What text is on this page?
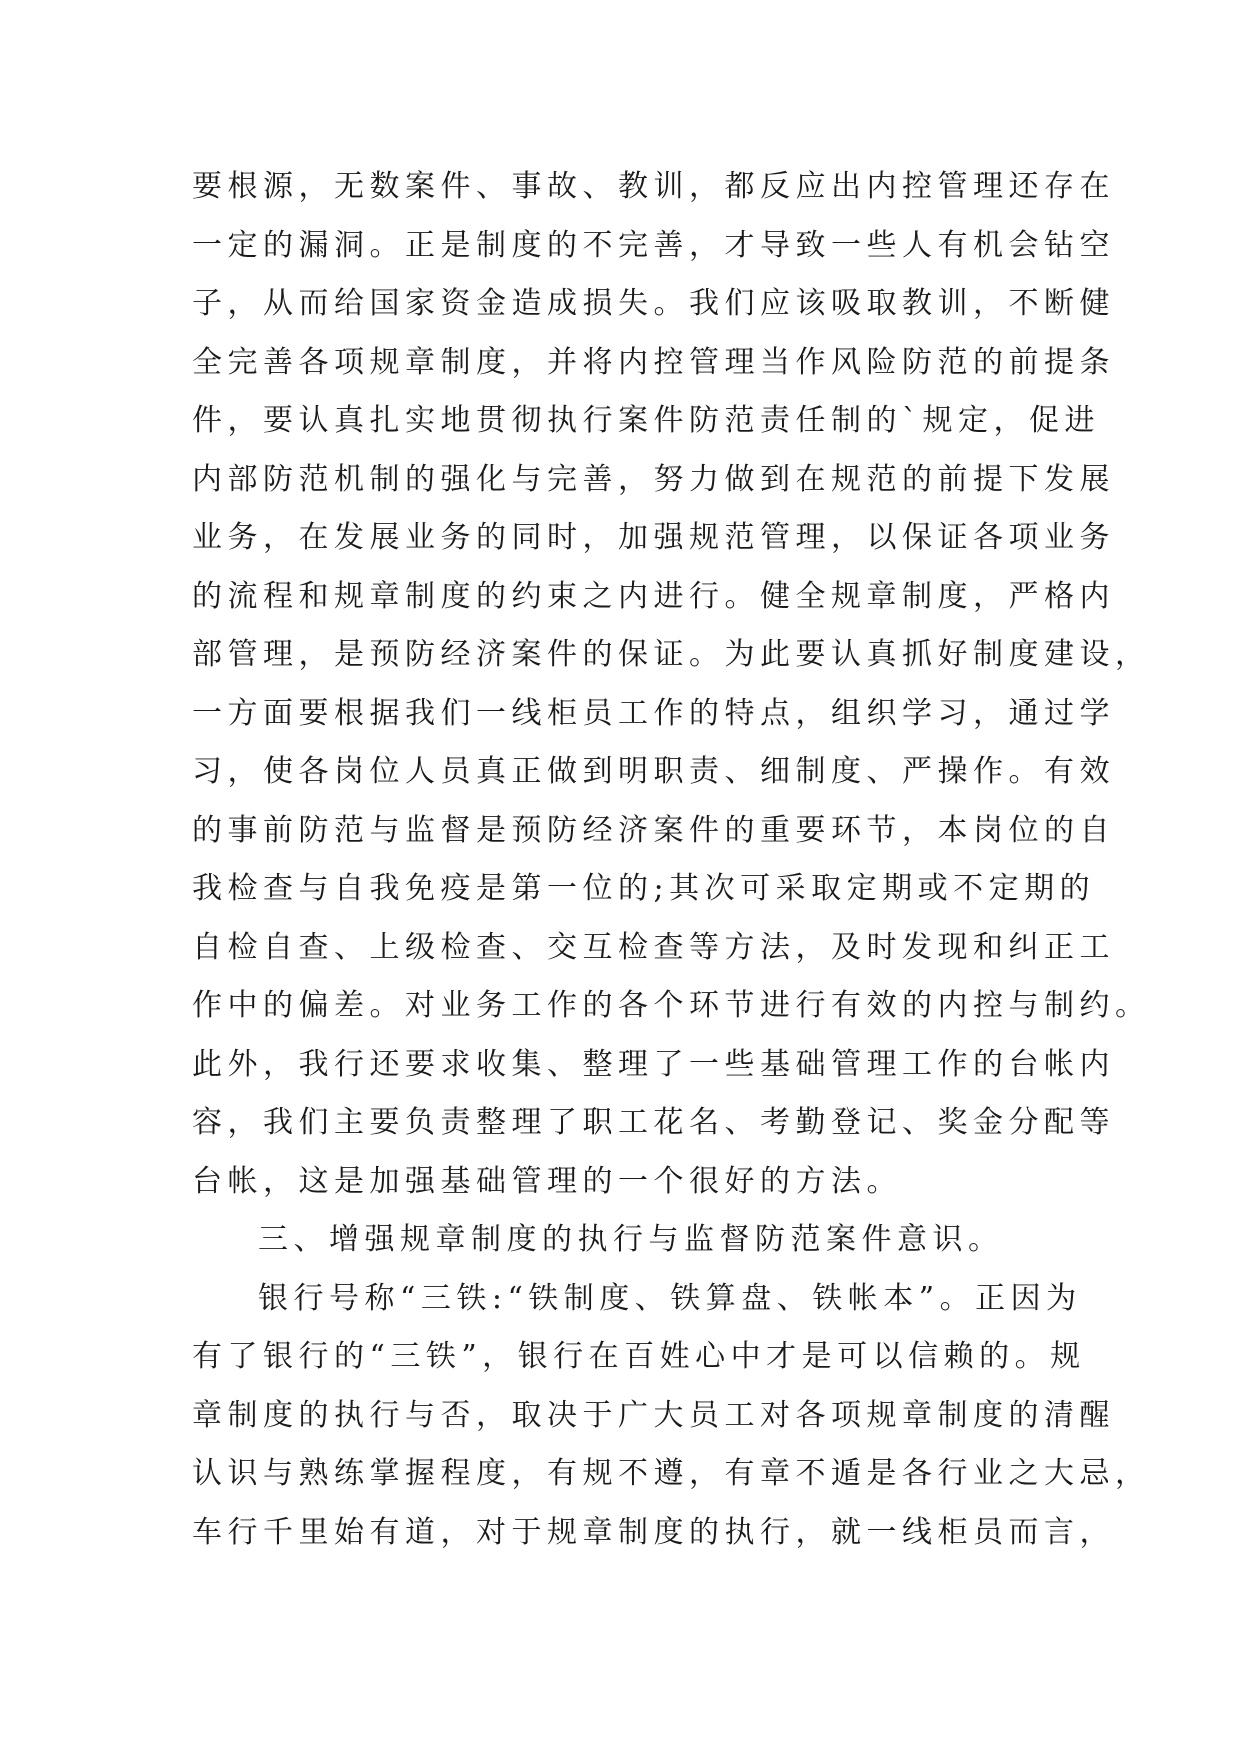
要根源，无数案件、事故、教训，都反应出内控管理还存在
一定的漏洞。正是制度的不完善，才导致一些人有机会钻空
子，从而给国家资金造成损失。我们应该吸取教训，不断健
全完善各项规章制度，并将内控管理当作风险防范的前提条
件，要认真扎实地贯彻执行案件防范责任制的`规定，促进
内部防范机制的强化与完善，努力做到在规范的前提下发展
业务，在发展业务的同时，加强规范管理，以保证各项业务
的流程和规章制度的约束之内进行。健全规章制度，严格内
部管理，是预防经济案件的保证。为此要认真抓好制度建设，
一方面要根据我们一线柜员工作的特点，组织学习，通过学
习，使各岗位人员真正做到明职责、细制度、严操作。有效
的事前防范与监督是预防经济案件的重要环节，本岗位的自
我检查与自我免疫是第一位的;其次可采取定期或不定期的
自检自查、上级检查、交互检查等方法，及时发现和纠正工
作中的偏差。对业务工作的各个环节进行有效的内控与制约。
此外，我行还要求收集、整理了一些基础管理工作的台帐内
容，我们主要负责整理了职工花名、考勤登记、奖金分配等
台帐，这是加强基础管理的一个很好的方法。
三、增强规章制度的执行与监督防范案件意识。
银行号称“三铁:“铁制度、铁算盘、铁帐本”。正因为
有了银行的“三铁”，银行在百姓心中才是可以信赖的。规
章制度的执行与否，取决于广大员工对各项规章制度的清醒
认识与熟练掌握程度，有规不遵，有章不遁是各行业之大忌，
车行千里始有道，对于规章制度的执行，就一线柜员而言，
